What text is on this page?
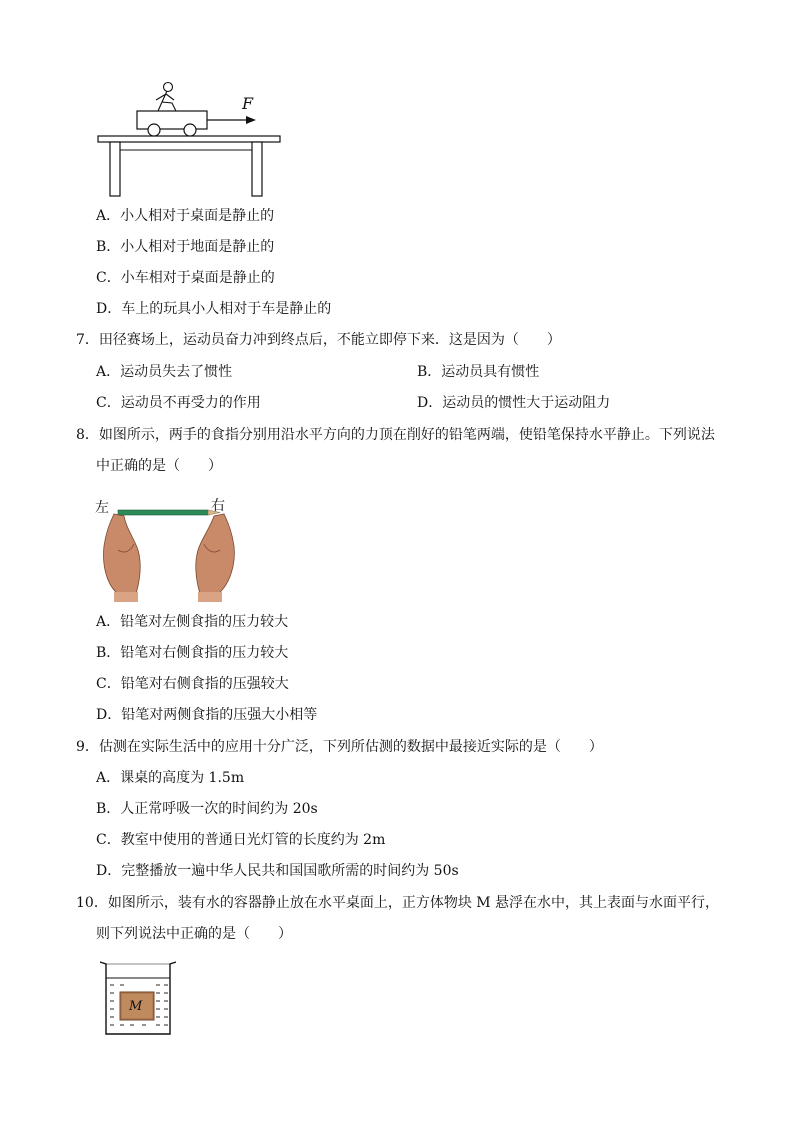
F
A．小人相对于桌面是静止的
B．小人相对于地面是静止的
C．小车相对于桌面是静止的
D．车上的玩具小人相对于车是静止的
7．田径赛场上，运动员奋力冲到终点后，不能立即停下来．这是因为（　　）
A．运动员失去了惯性	B．运动员具有惯性
C．运动员不再受力的作用	D．运动员的惯性大于运动阻力
8．如图所示，两手的食指分别用沿水平方向的力顶在削好的铅笔两端，使铅笔保持水平静止。下列说法
中正确的是（　　）
左	右
A．铅笔对左侧食指的压力较大
B．铅笔对右侧食指的压力较大
C．铅笔对右侧食指的压强较大
D．铅笔对两侧食指的压强大小相等
9．估测在实际生活中的应用十分广泛，下列所估测的数据中最接近实际的是（　　）
A．课桌的高度为 1.5m
B．人正常呼吸一次的时间约为 20s
C．教室中使用的普通日光灯管的长度约为 2m
D．完整播放一遍中华人民共和国国歌所需的时间约为 50s
10．如图所示，装有水的容器静止放在水平桌面上，正方体物块 M 悬浮在水中，其上表面与水面平行，
则下列说法中正确的是（　　）
M
